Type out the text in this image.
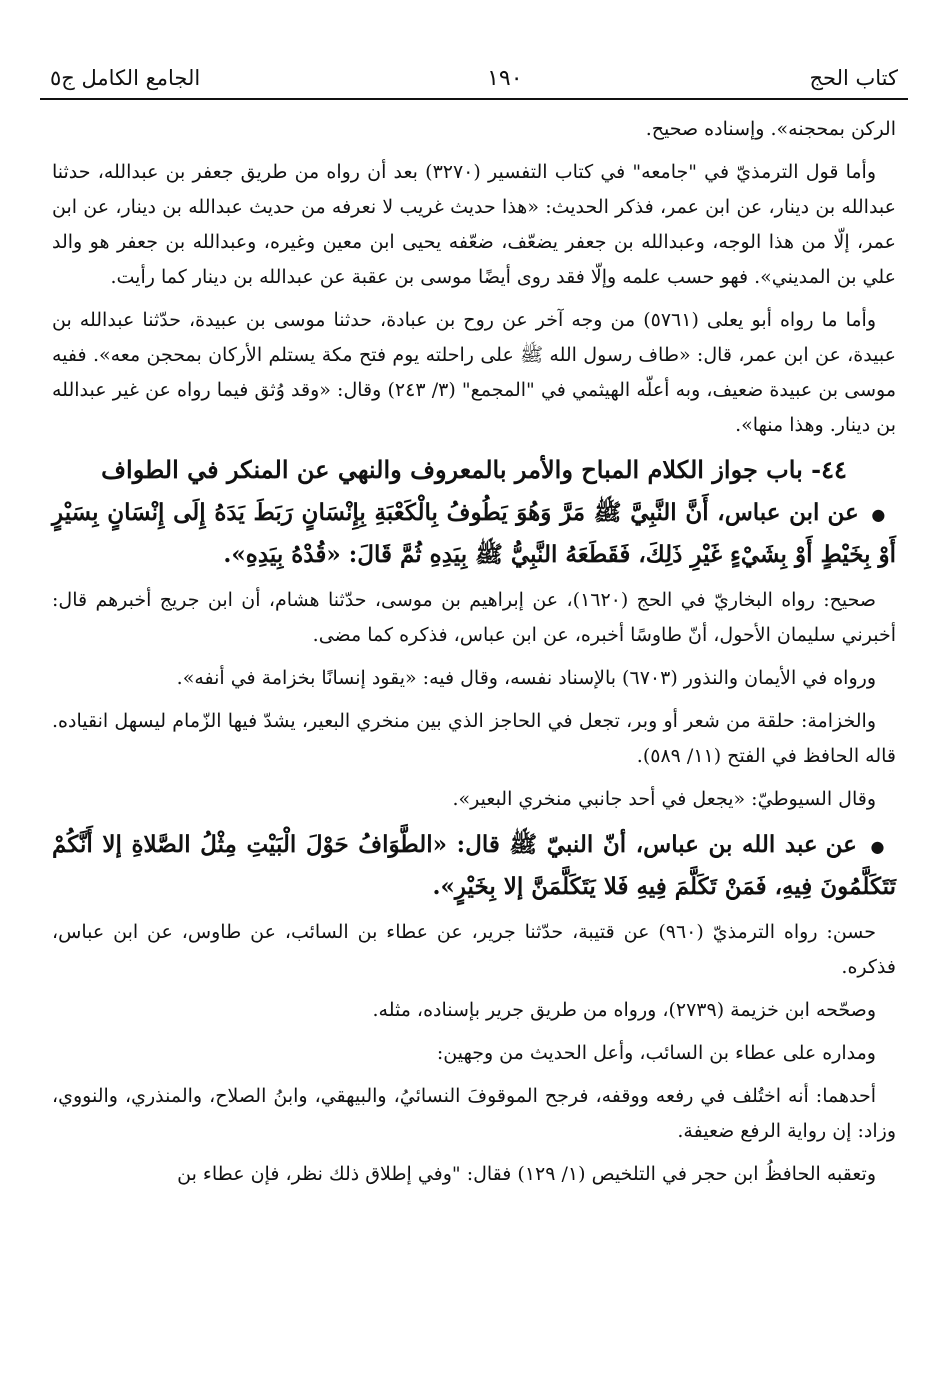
كتاب الحج
١٩٠
الجامع الكامل ج٥
الركن بمحجنه». وإسناده صحيح.
وأما قول الترمذيّ في "جامعه" في كتاب التفسير (٣٢٧٠) بعد أن رواه من طريق جعفر بن عبدالله، حدثنا عبدالله بن دينار، عن ابن عمر، فذكر الحديث: «هذا حديث غريب لا نعرفه من حديث عبدالله بن دينار، عن ابن عمر، إلّا من هذا الوجه، وعبدالله بن جعفر يضعّف، ضعّفه يحيى ابن معين وغيره، وعبدالله بن جعفر هو والد علي بن المديني». فهو حسب علمه وإلّا فقد روى أيضًا موسى بن عقبة عن عبدالله بن دينار كما رأيت.
وأما ما رواه أبو يعلى (٥٧٦١) من وجه آخر عن روح بن عبادة، حدثنا موسى بن عبيدة، حدّثنا عبدالله بن عبيدة، عن ابن عمر، قال: «طاف رسول الله ﷺ على راحلته يوم فتح مكة يستلم الأركان بمحجن معه». ففيه موسى بن عبيدة ضعيف، وبه أعلّه الهيثمي في "المجمع" (٣/ ٢٤٣) وقال: «وقد وُثق فيما رواه عن غير عبدالله بن دينار. وهذا منها».
٤٤- باب جواز الكلام المباح والأمر بالمعروف والنهي عن المنكر في الطواف
● عن ابن عباس، أَنَّ النَّبِيَّ ﷺ مَرَّ وَهُوَ يَطُوفُ بِالْكَعْبَةِ بِإِنْسَانٍ رَبَطَ يَدَهُ إِلَى إِنْسَانٍ بِسَيْرٍ أَوْ بِخَيْطٍ أَوْ بِشَيْءٍ غَيْرِ ذَلِكَ، فَقَطَعَهُ النَّبِيُّ ﷺ بِيَدِهِ ثُمَّ قَالَ: «قُدْهُ بِيَدِهِ».
صحيح: رواه البخاريّ في الحج (١٦٢٠)، عن إبراهيم بن موسى، حدّثنا هشام، أن ابن جريج أخبرهم قال: أخبرني سليمان الأحول، أنّ طاوسًا أخبره، عن ابن عباس، فذكره كما مضى.
ورواه في الأيمان والنذور (٦٧٠٣) بالإسناد نفسه، وقال فيه: «يقود إنسانًا بخزامة في أنفه».
والخزامة: حلقة من شعر أو وبر، تجعل في الحاجز الذي بين منخري البعير، يشدّ فيها الزّمام ليسهل انقياده. قاله الحافظ في الفتح (١١/ ٥٨٩).
وقال السيوطيّ: «يجعل في أحد جانبي منخري البعير».
● عن عبد الله بن عباس، أنّ النبيّ ﷺ قال: «الطَّوَافُ حَوْلَ الْبَيْتِ مِثْلُ الصَّلاةِ إلا أَنَّكُمْ تَتَكَلَّمُونَ فِيهِ، فَمَنْ تَكَلَّمَ فِيهِ فَلا يَتَكَلَّمَنَّ إلا بِخَيْرٍ».
حسن: رواه الترمذيّ (٩٦٠) عن قتيبة، حدّثنا جرير، عن عطاء بن السائب، عن طاوس، عن ابن عباس، فذكره.
وصحّحه ابن خزيمة (٢٧٣٩)، ورواه من طريق جرير بإسناده، مثله.
ومداره على عطاء بن السائب، وأعل الحديث من وجهين:
أحدهما: أنه اختُلف في رفعه ووقفه، فرجح الموقوفَ النسائيُ، والبيهقي، وابنُ الصلاح، والمنذري، والنووي، وزاد: إن رواية الرفع ضعيفة.
وتعقبه الحافظُ ابن حجر في التلخيص (١/ ١٢٩) فقال: "وفي إطلاق ذلك نظر، فإن عطاء بن
